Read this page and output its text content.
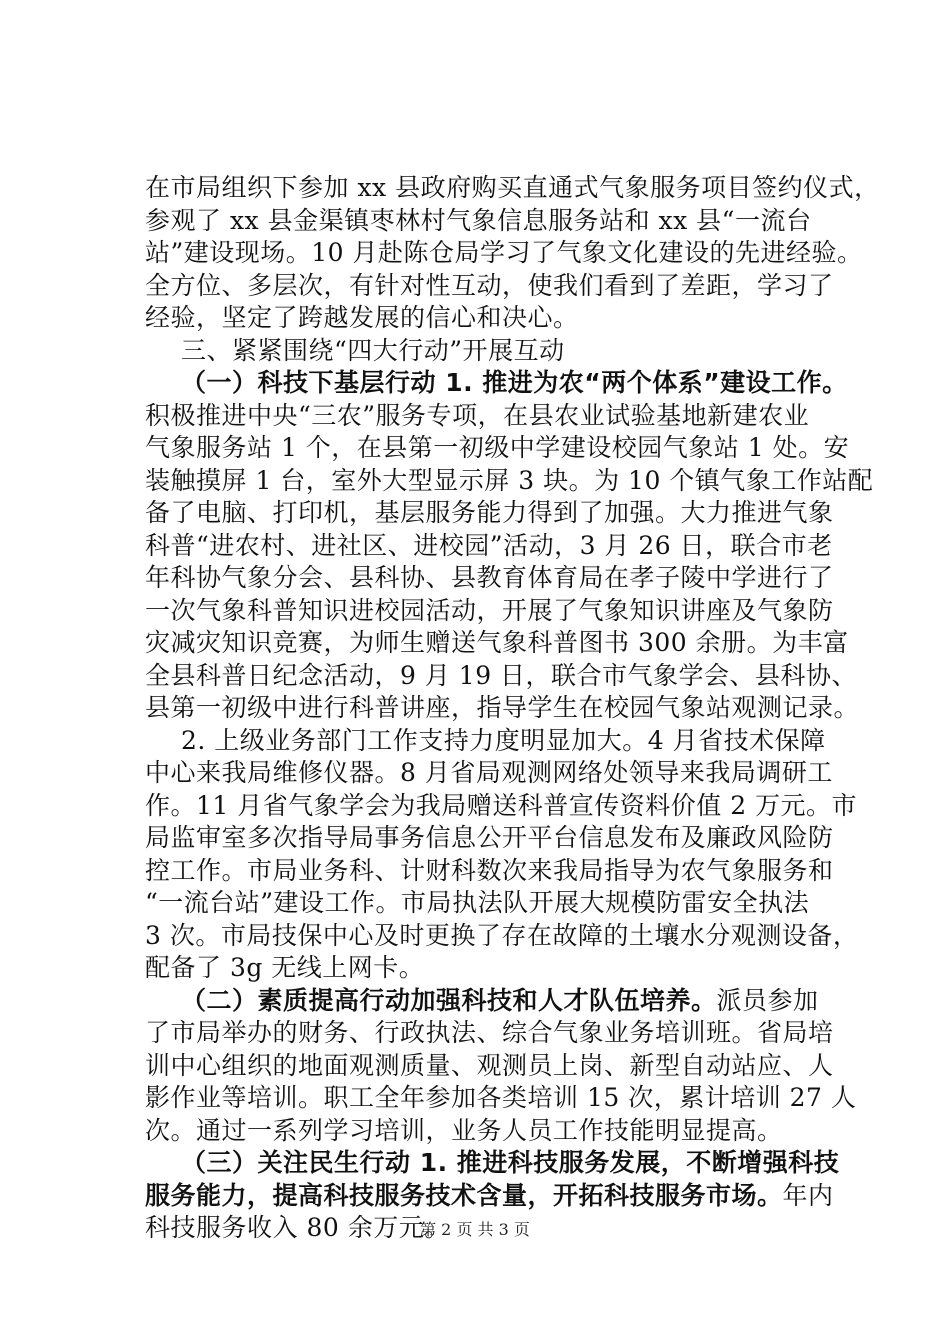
在市局组织下参加 xx 县政府购买直通式气象服务项目签约仪式，
参观了 xx 县金渠镇枣林村气象信息服务站和 xx 县“一流台
站”建设现场。10 月赴陈仓局学习了气象文化建设的先进经验。
全方位、多层次，有针对性互动，使我们看到了差距，学习了
经验，坚定了跨越发展的信心和决心。
三、紧紧围绕“四大行动”开展互动
（一）科技下基层行动 1. 推进为农“两个体系”建设工作。
积极推进中央“三农”服务专项，在县农业试验基地新建农业
气象服务站 1 个，在县第一初级中学建设校园气象站 1 处。安
装触摸屏 1 台，室外大型显示屏 3 块。为 10 个镇气象工作站配
备了电脑、打印机，基层服务能力得到了加强。大力推进气象
科普“进农村、进社区、进校园”活动，3 月 26 日，联合市老
年科协气象分会、县科协、县教育体育局在孝子陵中学进行了
一次气象科普知识进校园活动，开展了气象知识讲座及气象防
灾减灾知识竞赛，为师生赠送气象科普图书 300 余册。为丰富
全县科普日纪念活动，9 月 19 日，联合市气象学会、县科协、
县第一初级中进行科普讲座，指导学生在校园气象站观测记录。
2. 上级业务部门工作支持力度明显加大。4 月省技术保障
中心来我局维修仪器。8 月省局观测网络处领导来我局调研工
作。11 月省气象学会为我局赠送科普宣传资料价值 2 万元。市
局监审室多次指导局事务信息公开平台信息发布及廉政风险防
控工作。市局业务科、计财科数次来我局指导为农气象服务和
“一流台站”建设工作。市局执法队开展大规模防雷安全执法
3 次。市局技保中心及时更换了存在故障的土壤水分观测设备，
配备了 3g 无线上网卡。
（二）素质提高行动加强科技和人才队伍培养。派员参加
了市局举办的财务、行政执法、综合气象业务培训班。省局培
训中心组织的地面观测质量、观测员上岗、新型自动站应、人
影作业等培训。职工全年参加各类培训 15 次，累计培训 27 人
次。通过一系列学习培训，业务人员工作技能明显提高。
（三）关注民生行动 1. 推进科技服务发展，不断增强科技
服务能力，提高科技服务技术含量，开拓科技服务市场。年内
科技服务收入 80 余万元。
第 2 页 共 3 页
